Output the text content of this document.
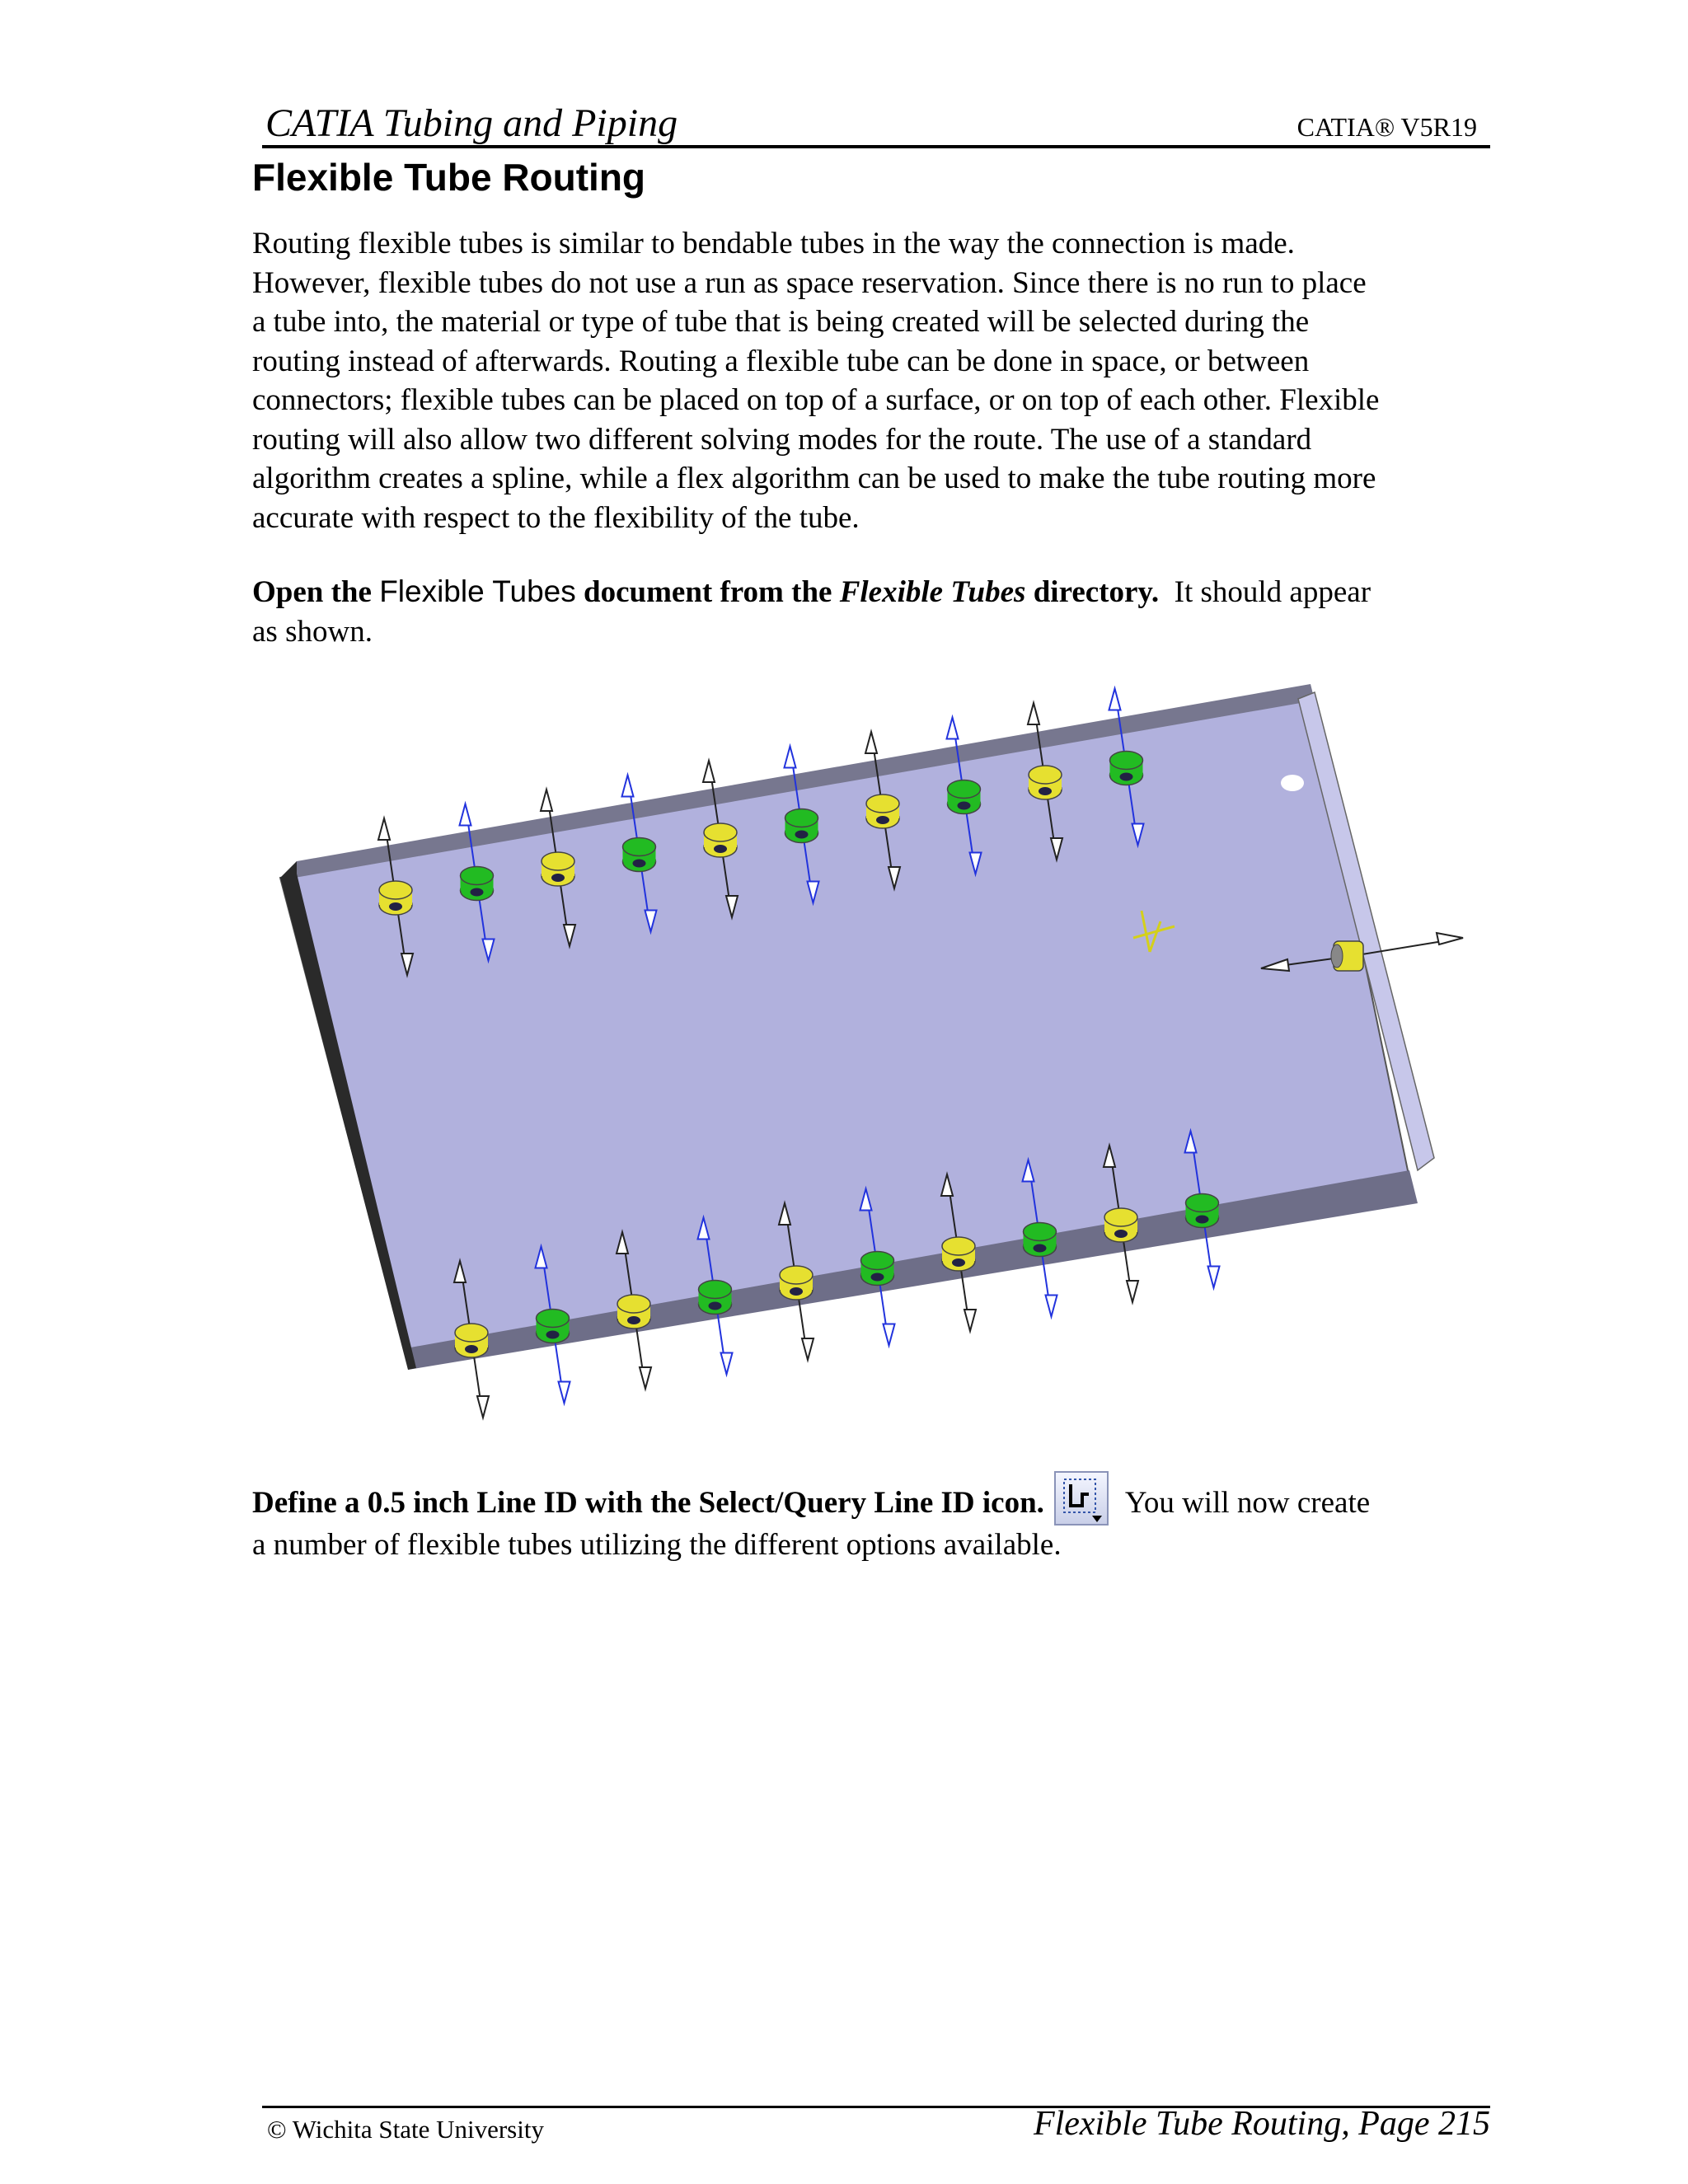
CATIA Tubing and Piping	CATIA® V5R19
Flexible Tube Routing
Routing flexible tubes is similar to bendable tubes in the way the connection is made.
However, flexible tubes do not use a run as space reservation. Since there is no run to place
a tube into, the material or type of tube that is being created will be selected during the
routing instead of afterwards. Routing a flexible tube can be done in space, or between
connectors; flexible tubes can be placed on top of a surface, or on top of each other. Flexible
routing will also allow two different solving modes for the route. The use of a standard
algorithm creates a spline, while a flex algorithm can be used to make the tube routing more
accurate with respect to the flexibility of the tube.
Open the Flexible Tubes document from the Flexible Tubes directory.  It should appear
as shown.
Define a 0.5 inch Line ID with the Select/Query Line ID icon. You will now create
a number of flexible tubes utilizing the different options available.
© Wichita State University	Flexible Tube Routing, Page 215
